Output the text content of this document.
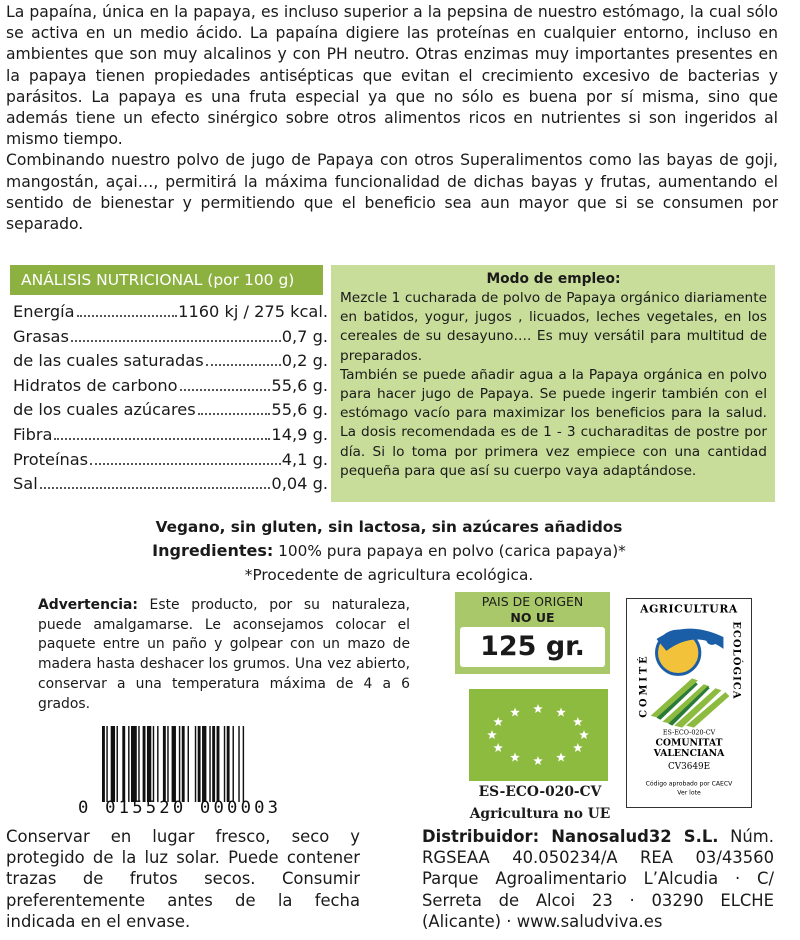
La papaína, única en la papaya, es incluso superior a la pepsina de nuestro estómago, la cual sólo se activa en un medio ácido. La papaína digiere las proteínas en cualquier entorno, incluso en ambientes que son muy alcalinos y con PH neutro. Otras enzimas muy importantes presentes en la papaya tienen propiedades antisépticas que evitan el crecimiento excesivo de bacterias y parásitos. La papaya es una fruta especial ya que no sólo es buena por sí misma, sino que además tiene un efecto sinérgico sobre otros alimentos ricos en nutrientes si son ingeridos al mismo tiempo.

Combinando nuestro polvo de jugo de Papaya con otros Superalimentos como las bayas de goji, mangostán, açai…, permitirá la máxima funcionalidad de dichas bayas y frutas, aumentando el sentido de bienestar y permitiendo que el beneficio sea aun mayor que si se consumen por separado.

ANÁLISIS NUTRICIONAL (por 100 g)
Energía	1160 kj / 275 kcal.
Grasas	0,7 g.
de las cuales saturadas	0,2 g.
Hidratos de carbono	55,6 g.
de los cuales azúcares	55,6 g.
Fibra	14,9 g.
Proteínas	4,1 g.
Sal	0,04 g.
Modo de empleo:

Mezcle 1 cucharada de polvo de Papaya orgánico diariamente en batidos, yogur, jugos , licuados, leches vegetales, en los cereales de su desayuno…. Es muy versátil para multitud de preparados.

También se puede añadir agua a la Papaya orgánica en polvo para hacer jugo de Papaya. Se puede ingerir también con el estómago vacío para maximizar los beneficios para la salud. La dosis recomendada es de 1 - 3 cucharaditas de postre por día. Si lo toma por primera vez empiece con una cantidad pequeña para que así su cuerpo vaya adaptándose.

Vegano, sin gluten, sin lactosa, sin azúcares añadidos
Ingredientes: 100% pura papaya en polvo (carica papaya)*
*Procedente de agricultura ecológica.
Advertencia: Este producto, por su naturaleza, puede amalgamarse. Le aconsejamos colocar el paquete entre un paño y golpear con un mazo de madera hasta deshacer los grumos. Una vez abierto, conservar a una temperatura máxima de 4 a 6 grados.
0 015520 000003
PAIS DE ORIGEN
NO UE
125 gr.
ES-ECO-020-CV
Agricultura no UE
AGRICULTURA
COMITÉ	ECOLÓGICA
ES-ECO-020-CV
COMUNITAT
VALENCIANA
CV3649E
Código aprobado por CAECV
Ver lote
Conservar en lugar fresco, seco y protegido de la luz solar. Puede contener trazas de frutos secos. Consumir preferentemente antes de la fecha indicada en el envase.
Distribuidor: Nanosalud32 S.L. Núm. RGSEAA 40.050234/A REA 03/43560 Parque Agroalimentario L’Alcudia · C/ Serreta de Alcoi 23 · 03290 ELCHE (Alicante) · www.saludviva.es
